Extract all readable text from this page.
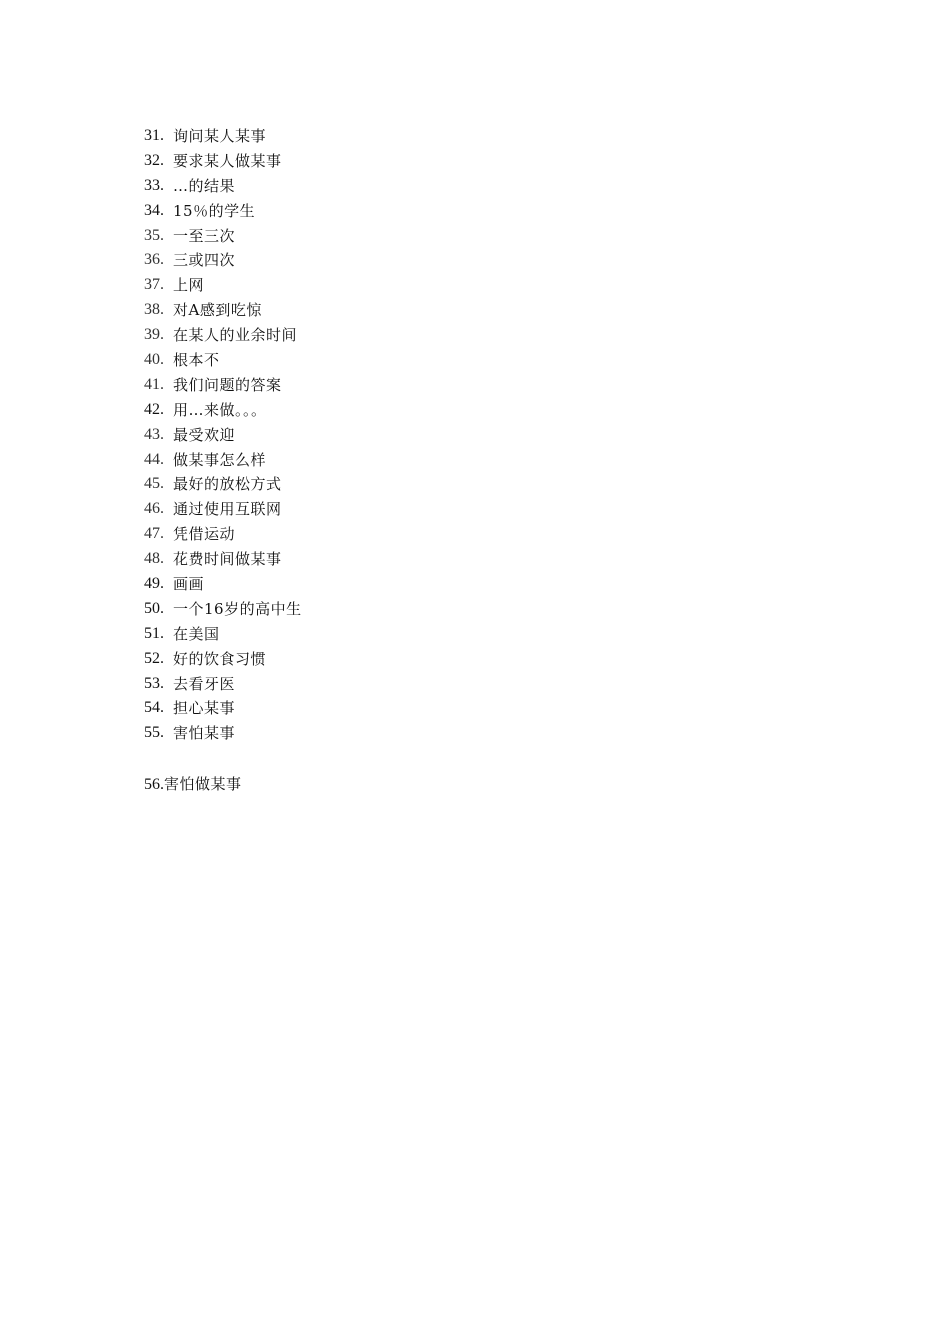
31. 询问某人某事
32. 要求某人做某事
33. …的结果
34. 15％的学生
35. 一至三次
36. 三或四次
37. 上网
38. 对A感到吃惊
39. 在某人的业余时间
40. 根本不
41. 我们问题的答案
42. 用…来做。。。
43. 最受欢迎
44. 做某事怎么样
45. 最好的放松方式
46. 通过使用互联网
47. 凭借运动
48. 花费时间做某事
49. 画画
50. 一个16岁的高中生
51. 在美国
52. 好的饮食习惯
53. 去看牙医
54. 担心某事
55. 害怕某事
56.害怕做某事
